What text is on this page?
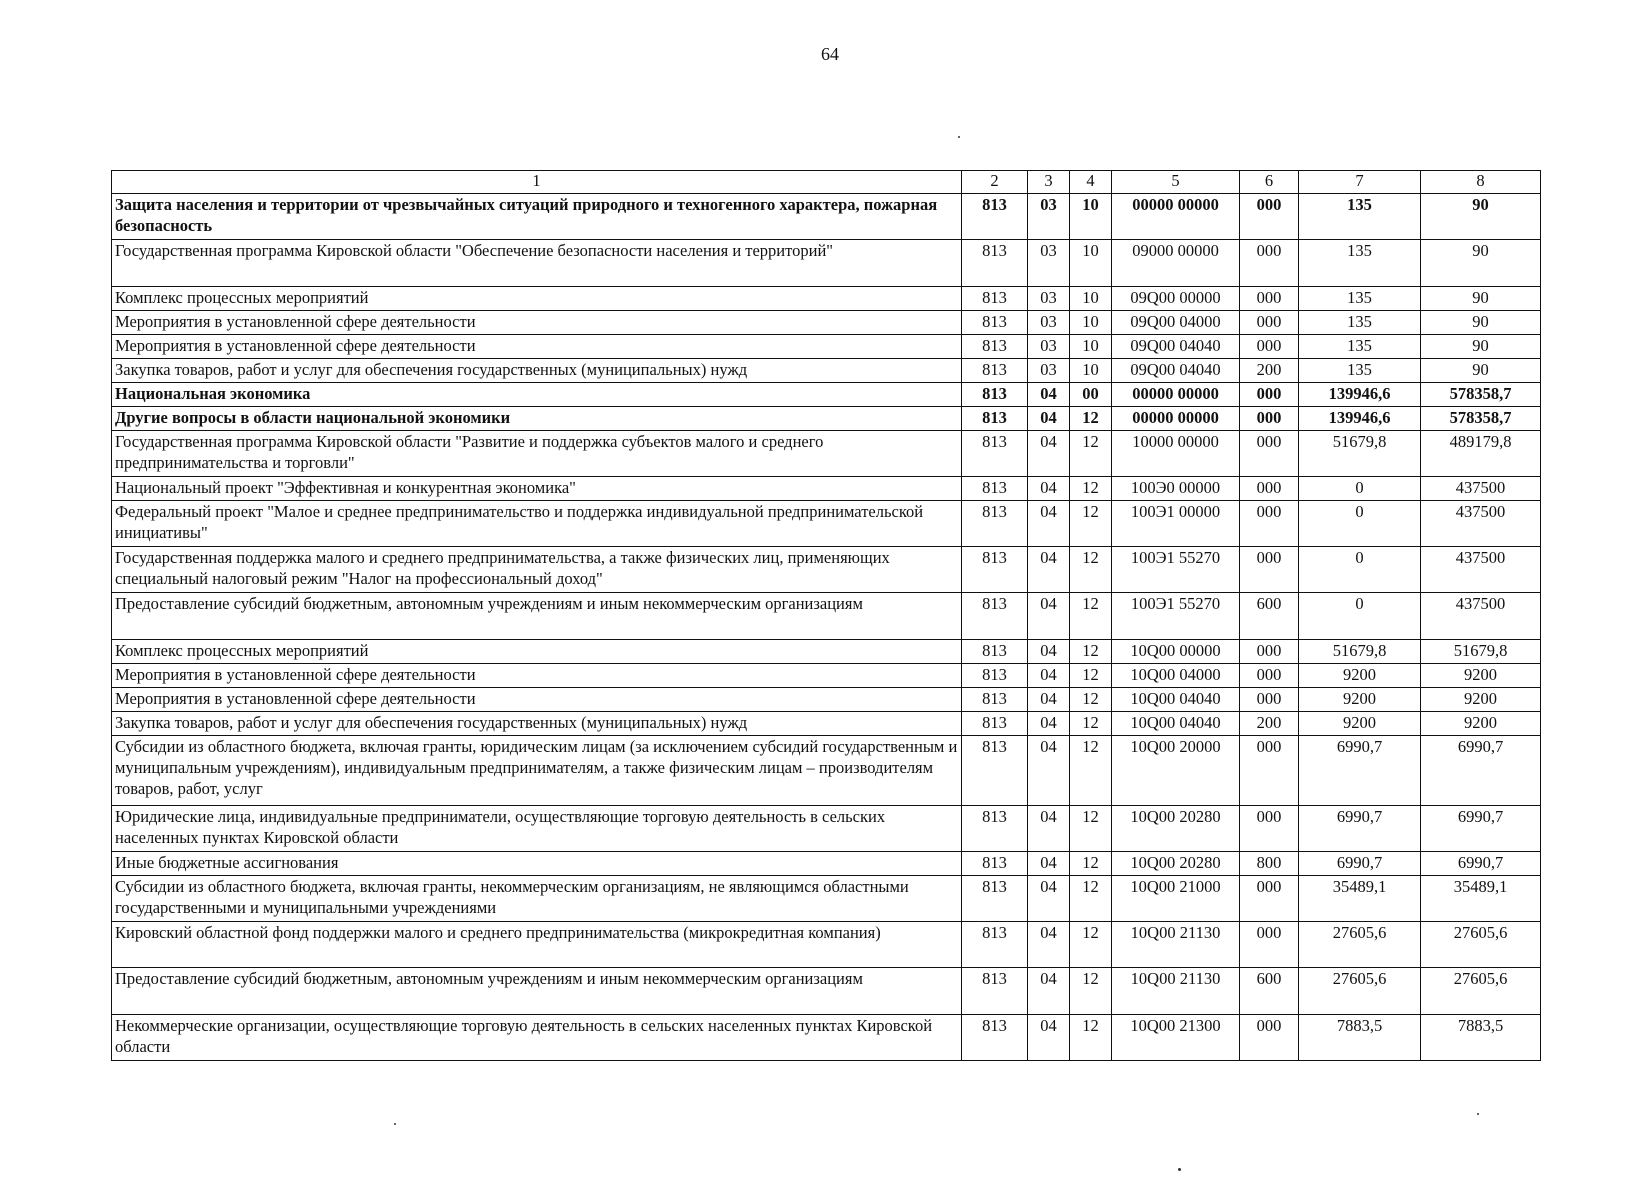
64
1	2	3	4	5	6	7	8
Защита населения и территории от чрезвычайных ситуаций природного и техногенного характера, пожарная безопасность	813	03	10	00000 00000	000	135	90
Государственная программа Кировской области "Обеспечение безопасности населения и территорий"	813	03	10	09000 00000	000	135	90
Комплекс процессных мероприятий	813	03	10	09Q00 00000	000	135	90
Мероприятия в установленной сфере деятельности	813	03	10	09Q00 04000	000	135	90
Мероприятия в установленной сфере деятельности	813	03	10	09Q00 04040	000	135	90
Закупка товаров, работ и услуг для обеспечения государственных (муниципальных) нужд	813	03	10	09Q00 04040	200	135	90
Национальная экономика	813	04	00	00000 00000	000	139946,6	578358,7
Другие вопросы в области национальной экономики	813	04	12	00000 00000	000	139946,6	578358,7
Государственная программа Кировской области "Развитие и поддержка субъектов малого и среднего предпринимательства и торговли"	813	04	12	10000 00000	000	51679,8	489179,8
Национальный проект "Эффективная и конкурентная экономика"	813	04	12	100Э0 00000	000	0	437500
Федеральный проект "Малое и среднее предпринимательство и поддержка индивидуальной предпринимательской инициативы"	813	04	12	100Э1 00000	000	0	437500
Государственная поддержка малого и среднего предпринимательства, а также физических лиц, применяющих специальный налоговый режим "Налог на профессиональный доход"	813	04	12	100Э1 55270	000	0	437500
Предоставление субсидий бюджетным, автономным учреждениям и иным некоммерческим организациям	813	04	12	100Э1 55270	600	0	437500
Комплекс процессных мероприятий	813	04	12	10Q00 00000	000	51679,8	51679,8
Мероприятия в установленной сфере деятельности	813	04	12	10Q00 04000	000	9200	9200
Мероприятия в установленной сфере деятельности	813	04	12	10Q00 04040	000	9200	9200
Закупка товаров, работ и услуг для обеспечения государственных (муниципальных) нужд	813	04	12	10Q00 04040	200	9200	9200
Субсидии из областного бюджета, включая гранты, юридическим лицам (за исключением субсидий государственным и муниципальным учреждениям), индивидуальным предпринимателям, а также физическим лицам – производителям товаров, работ, услуг	813	04	12	10Q00 20000	000	6990,7	6990,7
Юридические лица, индивидуальные предприниматели, осуществляющие торговую деятельность в сельских населенных пунктах Кировской области	813	04	12	10Q00 20280	000	6990,7	6990,7
Иные бюджетные ассигнования	813	04	12	10Q00 20280	800	6990,7	6990,7
Субсидии из областного бюджета, включая гранты, некоммерческим организациям, не являющимся областными государственными и муниципальными учреждениями	813	04	12	10Q00 21000	000	35489,1	35489,1
Кировский областной фонд поддержки малого и среднего предпринимательства (микрокредитная компания)	813	04	12	10Q00 21130	000	27605,6	27605,6
Предоставление субсидий бюджетным, автономным учреждениям и иным некоммерческим организациям	813	04	12	10Q00 21130	600	27605,6	27605,6
Некоммерческие организации, осуществляющие торговую деятельность в сельских населенных пунктах Кировской области	813	04	12	10Q00 21300	000	7883,5	7883,5
